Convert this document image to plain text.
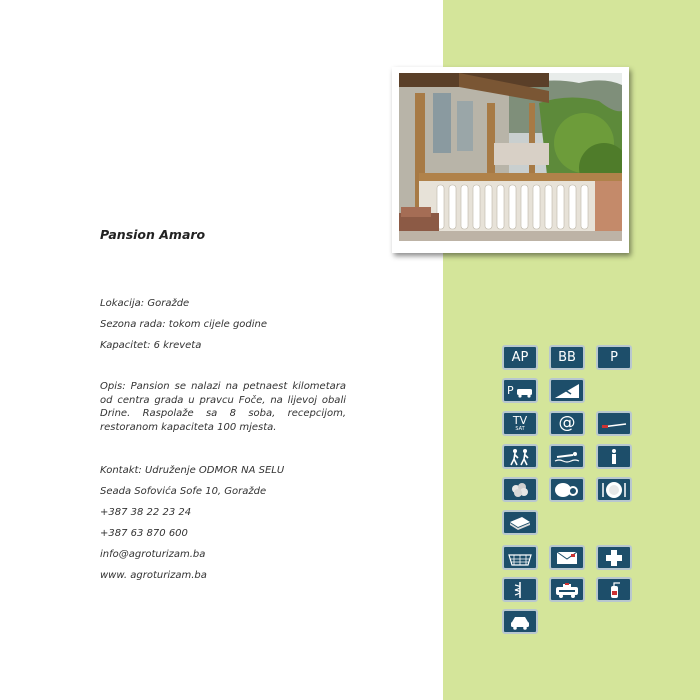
Pansion Amaro
Lokacija: Goražde
Sezona rada: tokom cijele godine
Kapacitet: 6 kreveta
Opis: Pansion se nalazi na petnaest kilometara od centra grada u pravcu Foče, na lijevoj obali Drine. Raspolaže sa 8 soba, recepcijom, restoranom kapaciteta 100 mjesta.
Kontakt: Udruženje ODMOR NA SELU
Seada Sofovića Sofe 10, Goražde
+387 38 22 23 24
+387 63 870 600
info@agroturizam.ba
www. agroturizam.ba
AP	BB	P
P
TV
SAT	@
